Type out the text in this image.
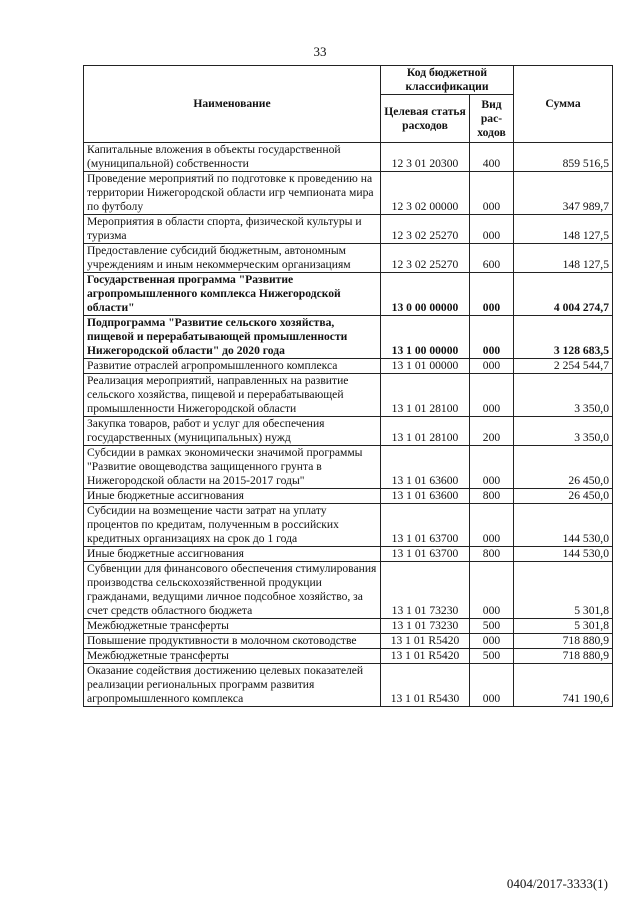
33
Наименование	Код бюджетной классификации		Сумма
	Целевая статья расходов	Вид рас-ходов	
Капитальные вложения в объекты государственной (муниципальной) собственности	12 3 01 20300	400	859 516,5
Проведение мероприятий по подготовке к проведению на территории Нижегородской области игр чемпионата мира по футболу	12 3 02 00000	000	347 989,7
Мероприятия в области спорта, физической культуры и туризма	12 3 02 25270	000	148 127,5
Предоставление субсидий бюджетным, автономным учреждениям и иным некоммерческим организациям	12 3 02 25270	600	148 127,5
Государственная программа "Развитие агропромышленного комплекса Нижегородской области"	13 0 00 00000	000	4 004 274,7
Подпрограмма "Развитие сельского хозяйства, пищевой и перерабатывающей промышленности Нижегородской области" до 2020 года	13 1 00 00000	000	3 128 683,5
Развитие отраслей агропромышленного комплекса	13 1 01 00000	000	2 254 544,7
Реализация мероприятий, направленных на развитие сельского хозяйства, пищевой и перерабатывающей промышленности Нижегородской области	13 1 01 28100	000	3 350,0
Закупка товаров, работ и услуг для обеспечения государственных (муниципальных) нужд	13 1 01 28100	200	3 350,0
Субсидии в рамках экономически значимой программы "Развитие овощеводства защищенного грунта в Нижегородской области на 2015-2017 годы"	13 1 01 63600	000	26 450,0
Иные бюджетные ассигнования	13 1 01 63600	800	26 450,0
Субсидии на возмещение части затрат на уплату процентов по кредитам, полученным в российских кредитных организациях на срок до 1 года	13 1 01 63700	000	144 530,0
Иные бюджетные ассигнования	13 1 01 63700	800	144 530,0
Субвенции для финансового обеспечения стимулирования производства сельскохозяйственной продукции гражданами, ведущими личное подсобное хозяйство, за счет средств областного бюджета	13 1 01 73230	000	5 301,8
Межбюджетные трансферты	13 1 01 73230	500	5 301,8
Повышение продуктивности в молочном скотоводстве	13 1 01 R5420	000	718 880,9
Межбюджетные трансферты	13 1 01 R5420	500	718 880,9
Оказание содействия достижению целевых показателей реализации региональных программ развития агропромышленного комплекса	13 1 01 R5430	000	741 190,6
0404/2017-3333(1)
